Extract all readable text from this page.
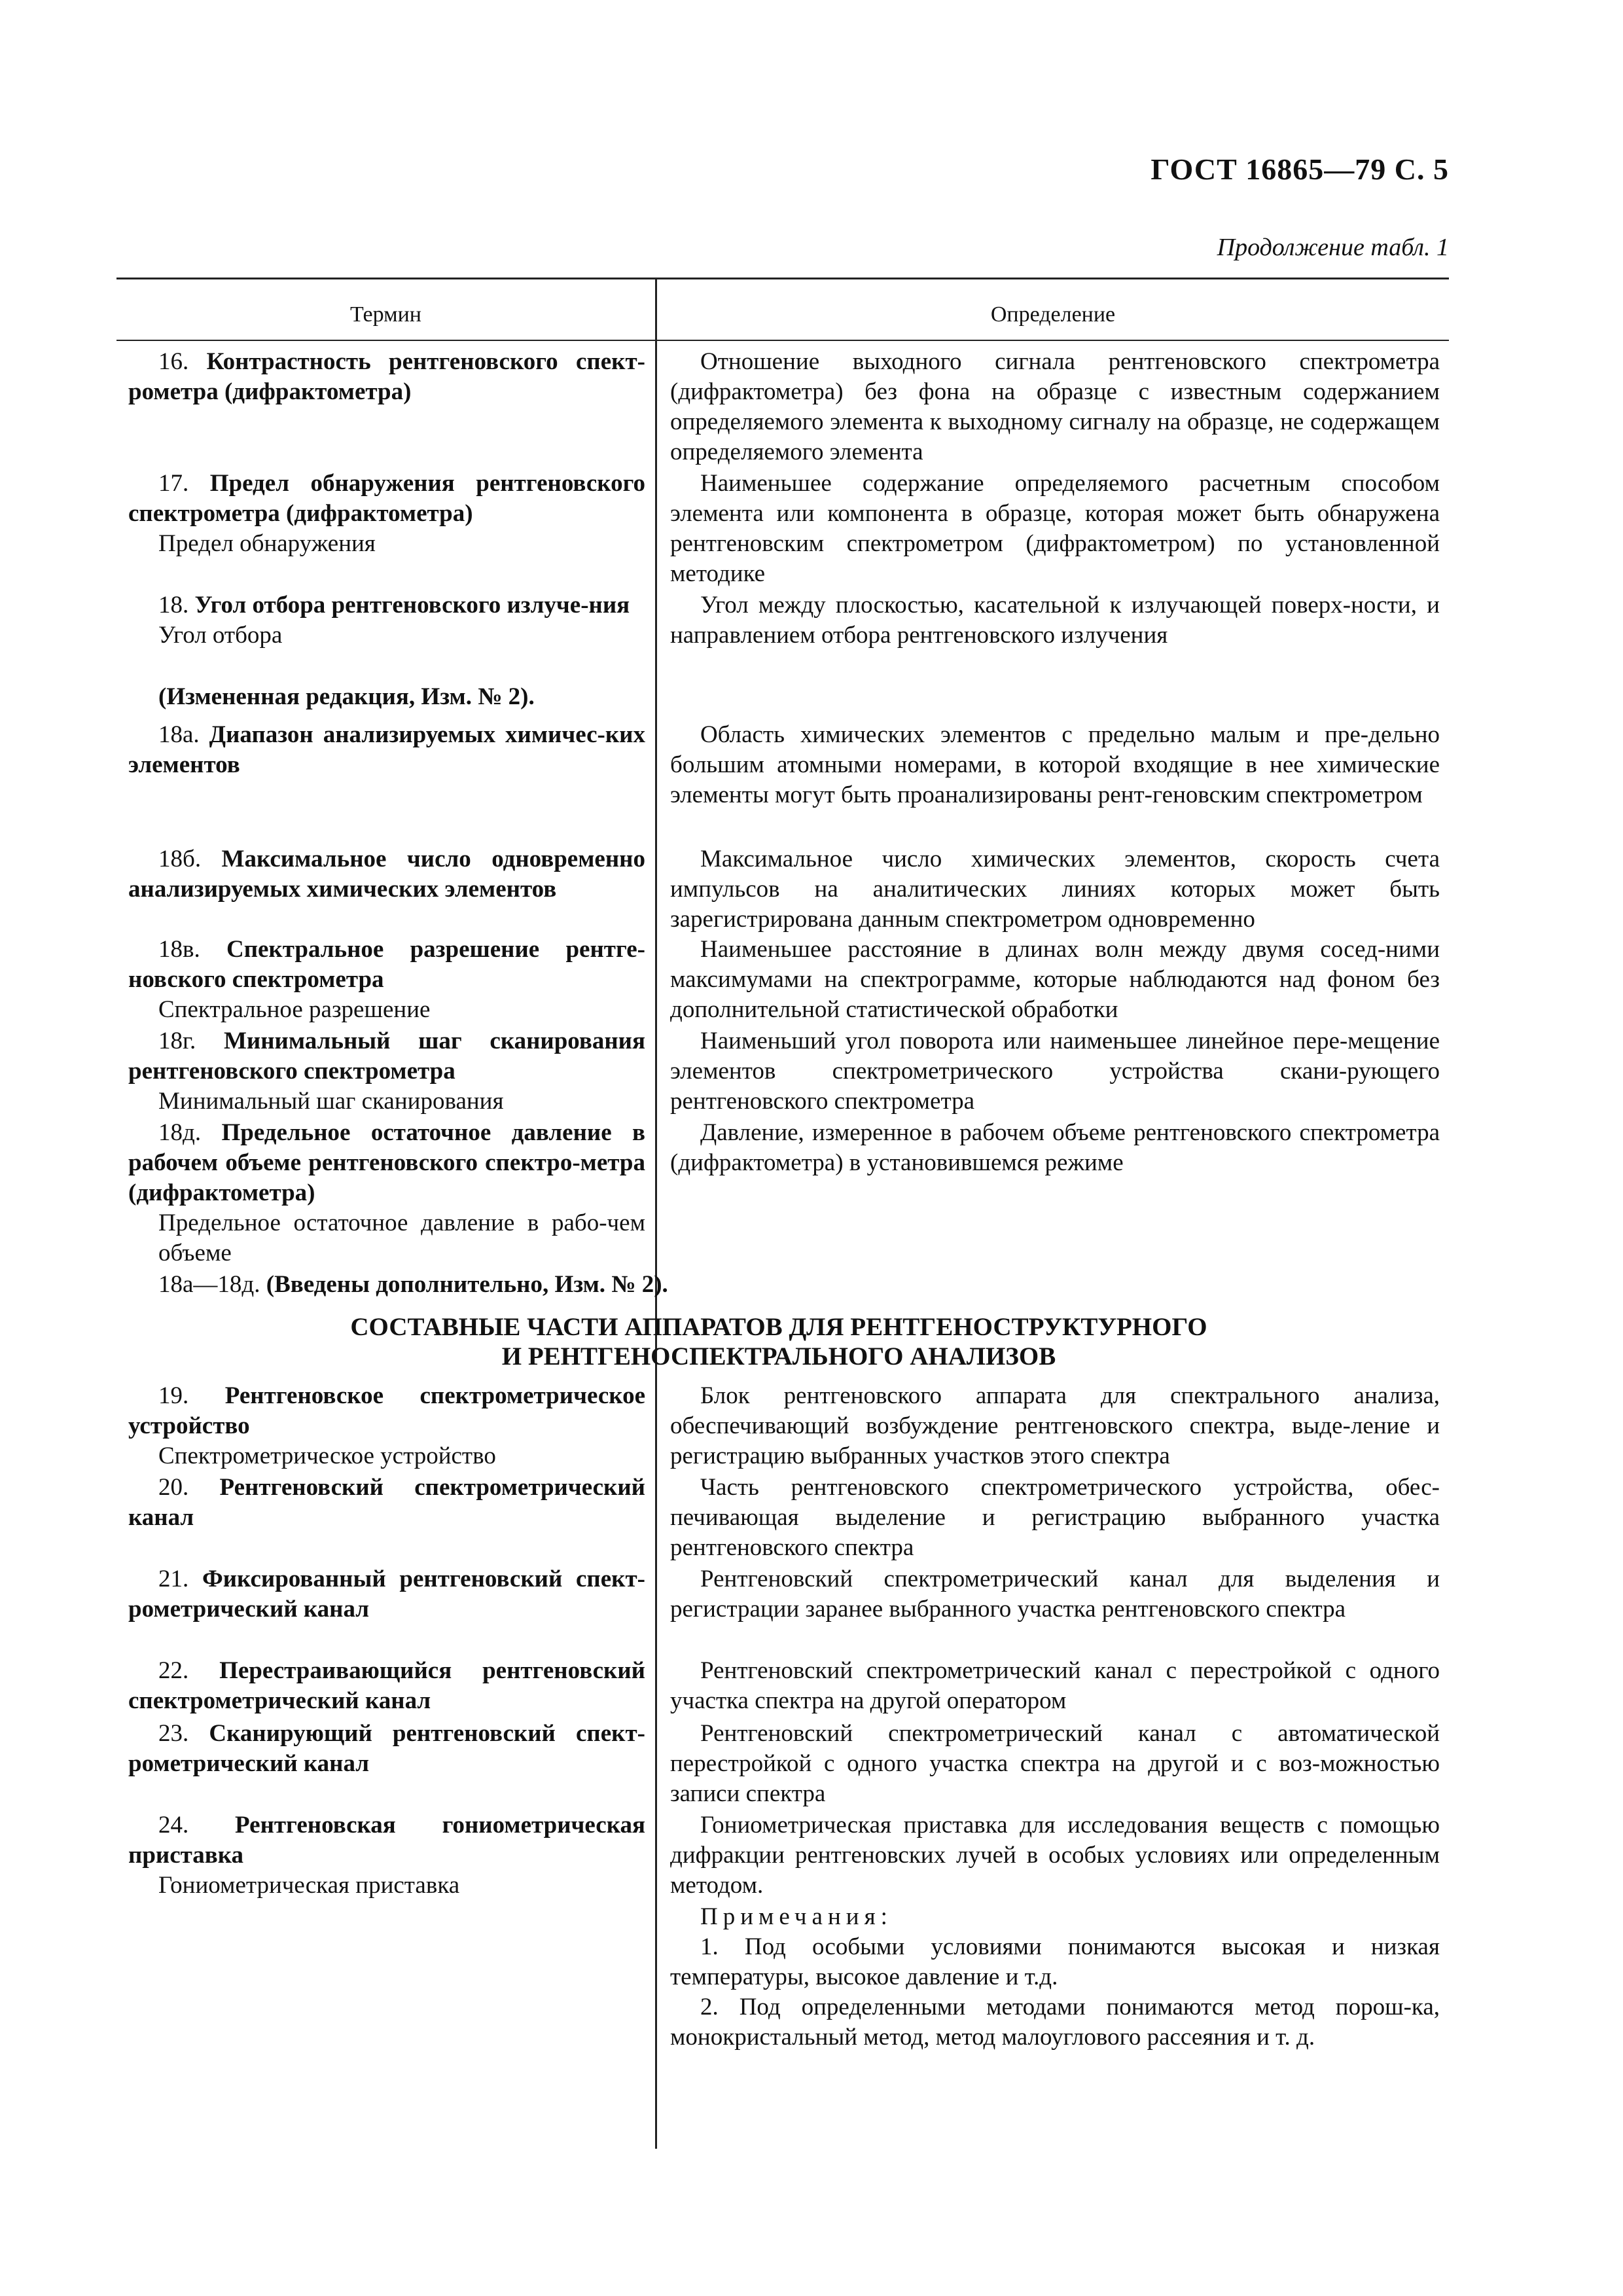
ГОСТ 16865—79 С. 5
Продолжение табл. 1
Термин	Определение
16. Контрастность рентгеновского спект-рометра (дифрактометра)
Отношение выходного сигнала рентгеновского спектрометра (дифрактометра) без фона на образце с известным содержанием определяемого элемента к выходному сигналу на образце, не содержащем определяемого элемента
17. Предел обнаружения рентгеновского спектрометра (дифрактометра)
Предел обнаружения
Наименьшее содержание определяемого расчетным способом элемента или компонента в образце, которая может быть обнаружена рентгеновским спектрометром (дифрактометром) по установленной методике
18. Угол отбора рентгеновского излуче-ния
Угол отбора
Угол между плоскостью, касательной к излучающей поверх-ности, и направлением отбора рентгеновского излучения
(Измененная редакция, Изм. № 2).
18а. Диапазон анализируемых химичес-ких элементов
Область химических элементов с предельно малым и пре-дельно большим атомными номерами, в которой входящие в нее химические элементы могут быть проанализированы рент-геновским спектрометром
18б. Максимальное число одновременно анализируемых химических элементов
Максимальное число химических элементов, скорость счета импульсов на аналитических линиях которых может быть зарегистрирована данным спектрометром одновременно
18в. Спектральное разрешение рентге-новского спектрометра
Спектральное разрешение
Наименьшее расстояние в длинах волн между двумя сосед-ними максимумами на спектрограмме, которые наблюдаются над фоном без дополнительной статистической обработки
18г. Минимальный шаг сканирования рентгеновского спектрометра
Минимальный шаг сканирования
Наименьший угол поворота или наименьшее линейное пере-мещение элементов спектрометрического устройства скани-рующего рентгеновского спектрометра
18д. Предельное остаточное давление в рабочем объеме рентгеновского спектро-метра (дифрактометра)
Предельное остаточное давление в рабо-чем объеме
Давление, измеренное в рабочем объеме рентгеновского спектрометра (дифрактометра) в установившемся режиме
18а—18д. (Введены дополнительно, Изм. № 2).
СОСТАВНЫЕ ЧАСТИ АППАРАТОВ ДЛЯ РЕНТГЕНОСТРУКТУРНОГО
И РЕНТГЕНОСПЕКТРАЛЬНОГО АНАЛИЗОВ
19. Рентгеновское спектрометрическое устройство
Спектрометрическое устройство
Блок рентгеновского аппарата для спектрального анализа, обеспечивающий возбуждение рентгеновского спектра, выде-ление и регистрацию выбранных участков этого спектра
20. Рентгеновский спектрометрический канал
Часть рентгеновского спектрометрического устройства, обес-печивающая выделение и регистрацию выбранного участка рентгеновского спектра
21. Фиксированный рентгеновский спект-рометрический канал
Рентгеновский спектрометрический канал для выделения и регистрации заранее выбранного участка рентгеновского спектра
22. Перестраивающийся рентгеновский спектрометрический канал
Рентгеновский спектрометрический канал с перестройкой с одного участка спектра на другой оператором
23. Сканирующий рентгеновский спект-рометрический канал
Рентгеновский спектрометрический канал с автоматической перестройкой с одного участка спектра на другой и с воз-можностью записи спектра
24. Рентгеновская гониометрическая приставка
Гониометрическая приставка
Гониометрическая приставка для исследования веществ с помощью дифракции рентгеновских лучей в особых условиях или определенным методом.
Примечания:
1. Под особыми условиями понимаются высокая и низкая температуры, высокое давление и т.д.
2. Под определенными методами понимаются метод порош-ка, монокристальный метод, метод малоуглового рассеяния и т. д.
